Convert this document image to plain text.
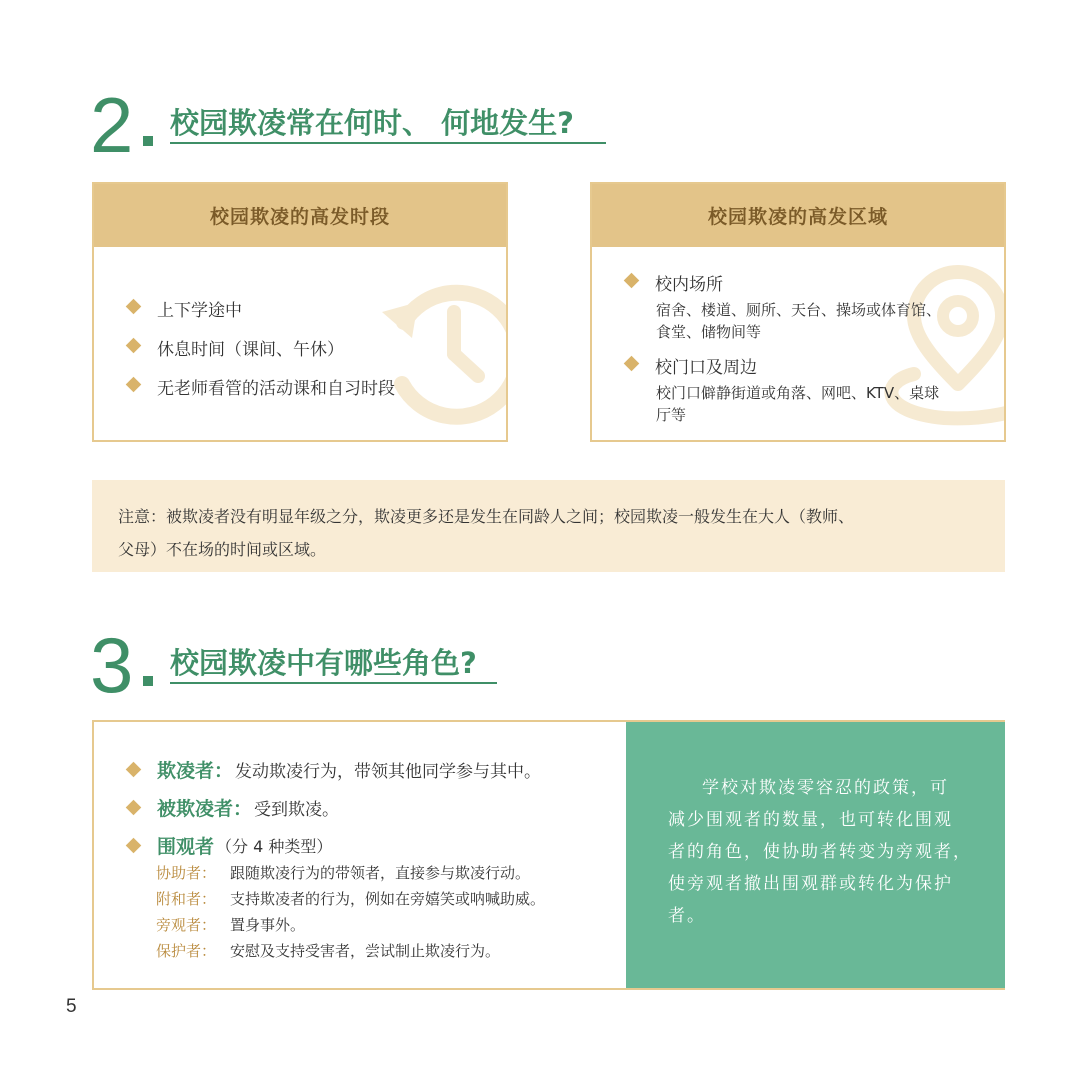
2 校园欺凌常在何时、 何地发生?
校园欺凌的高发时段
上下学途中
休息时间（课间、午休）
无老师看管的活动课和自习时段
校园欺凌的高发区域
校内场所
宿舍、楼道、厕所、天台、操场或体育馆、
食堂、储物间等
校门口及周边
校门口僻静街道或角落、网吧、KTV、桌球
厅等
注意：被欺凌者没有明显年级之分，欺凌更多还是发生在同龄人之间；校园欺凌一般发生在大人（教师、
父母）不在场的时间或区域。
3 校园欺凌中有哪些角色?
欺凌者： 发动欺凌行为，带领其他同学参与其中。
被欺凌者： 受到欺凌。
围观者 （分 4 种类型）
协助者： 跟随欺凌行为的带领者，直接参与欺凌行动。
附和者： 支持欺凌者的行为，例如在旁嬉笑或呐喊助威。
旁观者： 置身事外。
保护者： 安慰及支持受害者，尝试制止欺凌行为。
学校对欺凌零容忍的政策，可
减少围观者的数量，也可转化围观
者的角色，使协助者转变为旁观者，
使旁观者撤出围观群或转化为保护
者。
5
